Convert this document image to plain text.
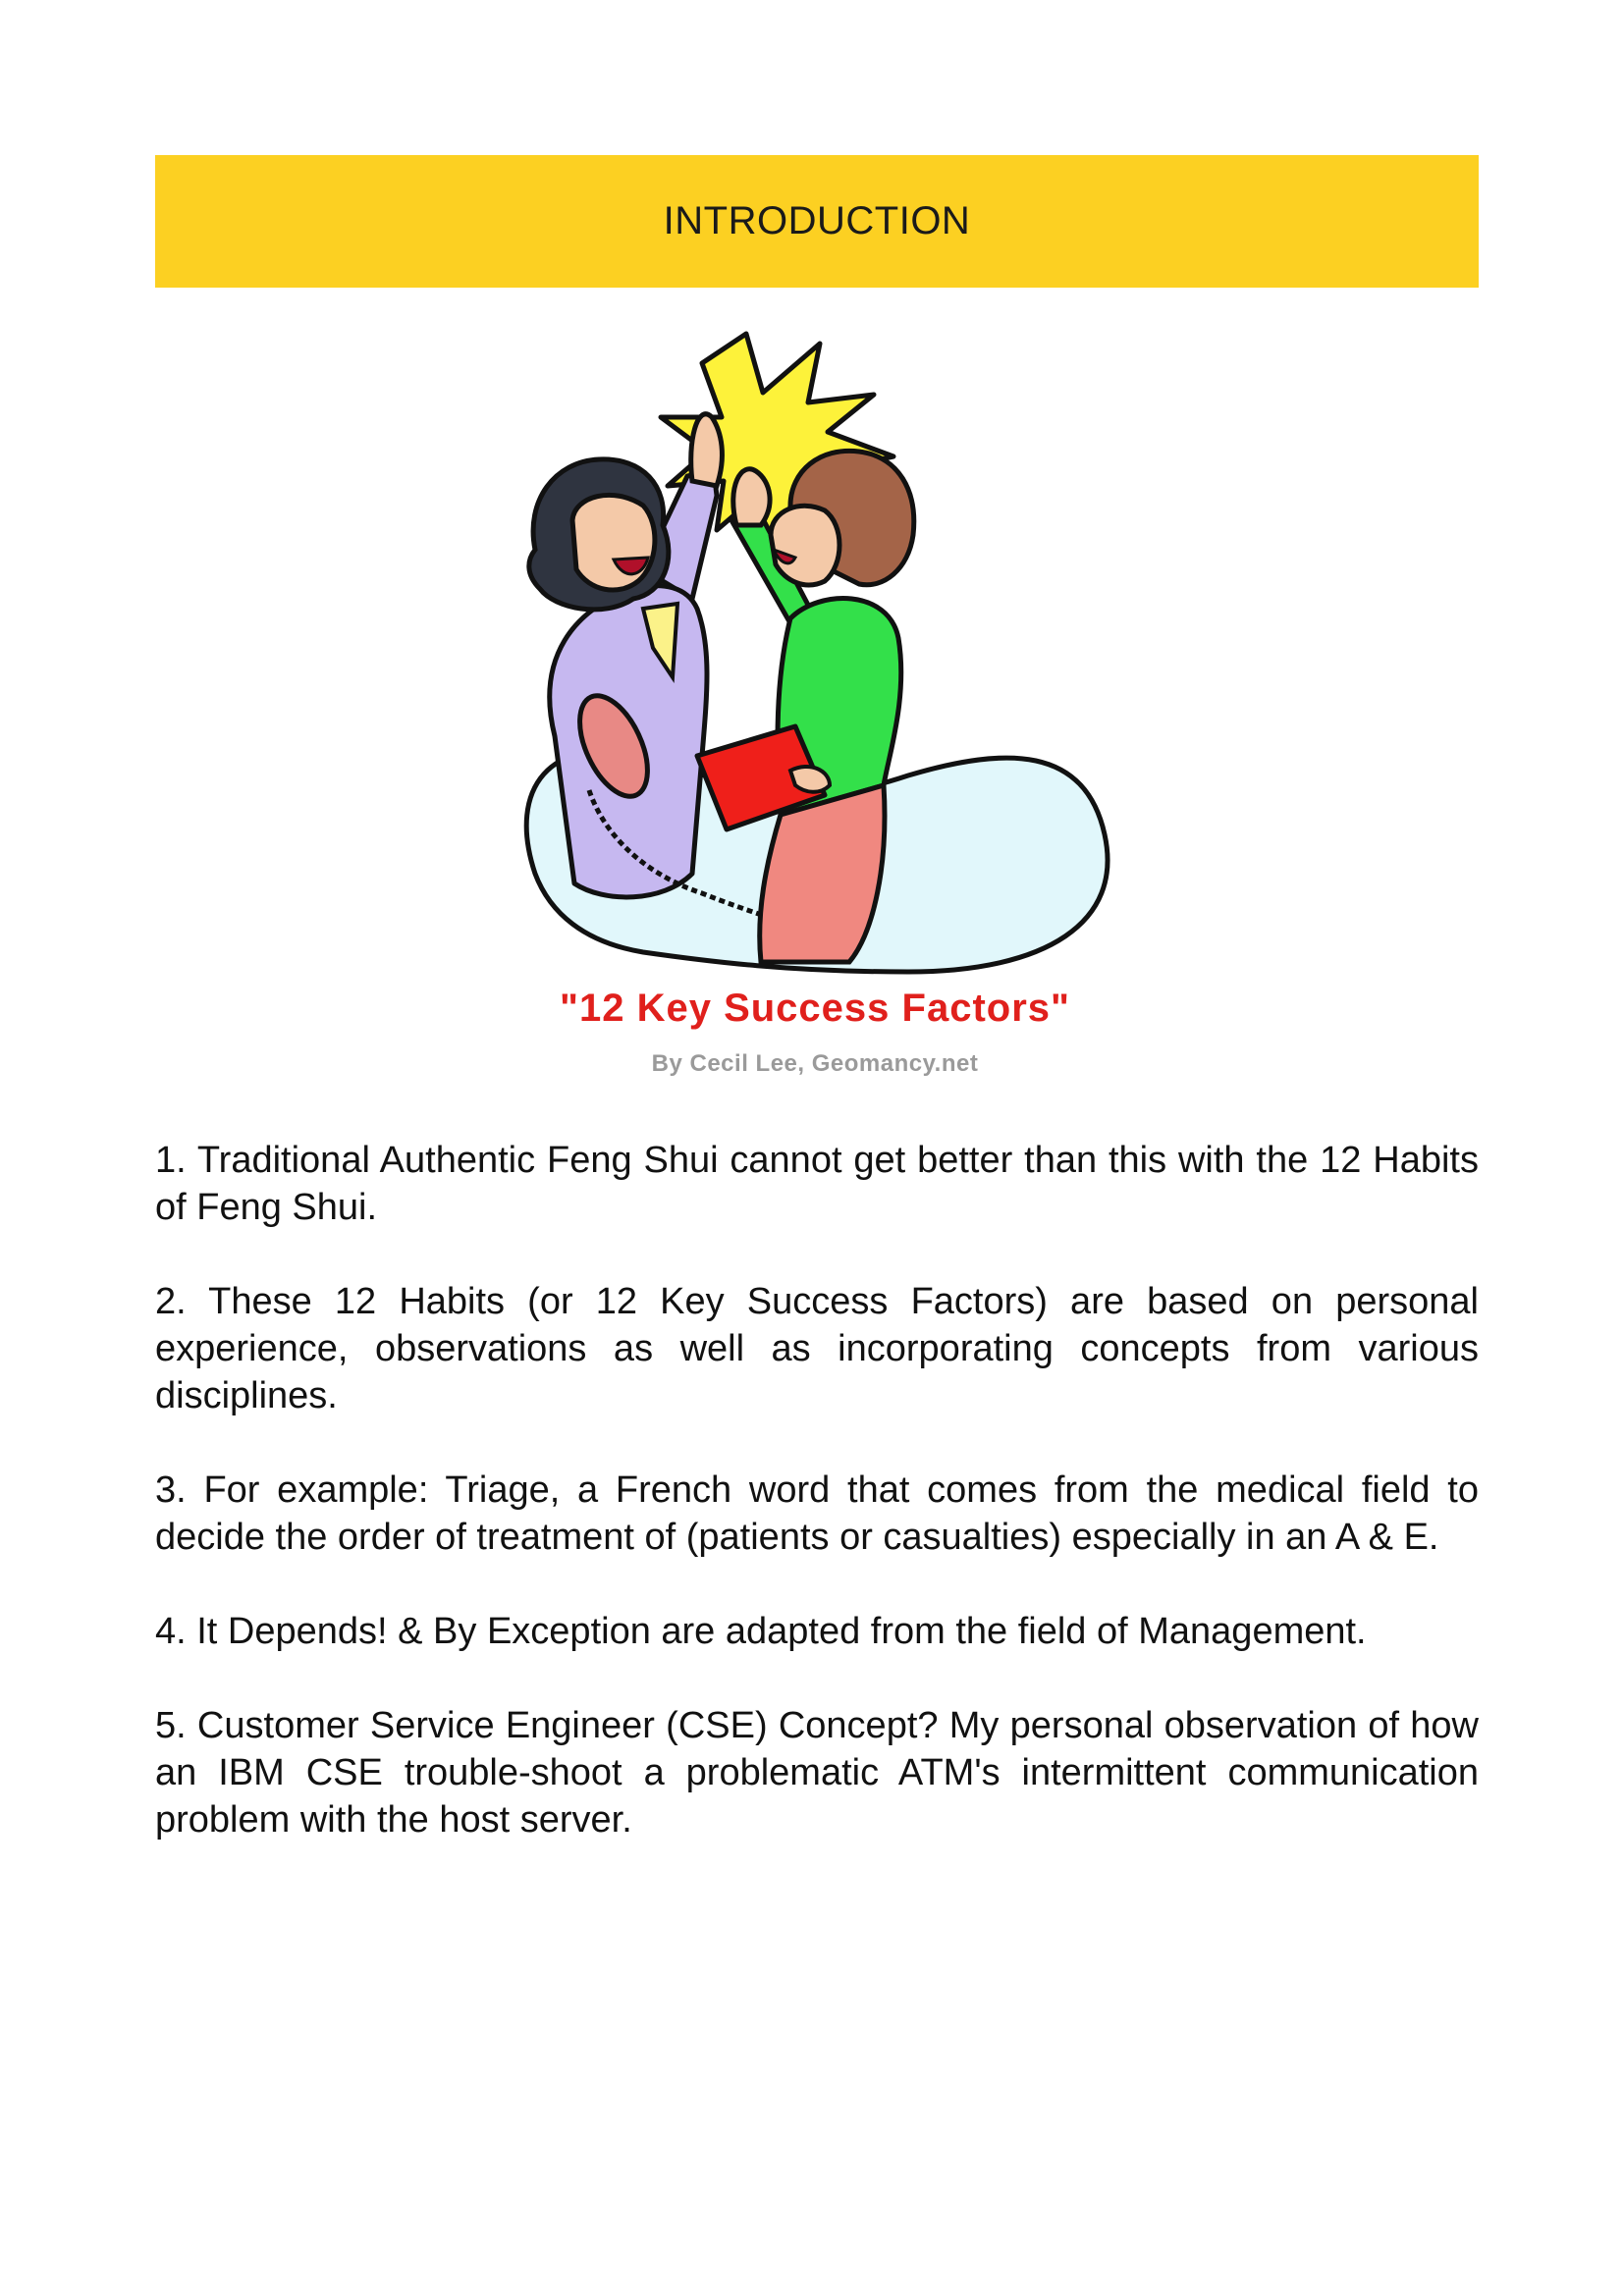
INTRODUCTION
"12 Key Success Factors"
By Cecil Lee, Geomancy.net

1. Traditional Authentic Feng Shui cannot get better than this with the 12 Habits of Feng Shui.

2. These 12 Habits (or 12 Key Success Factors) are based on personal experience, observations as well as incorporating concepts from various disciplines.

3. For example: Triage, a French word that comes from the medical field to decide the order of treatment of (patients or casualties) especially in an A & E.

4. It Depends! & By Exception are adapted from the field of Management.

5. Customer Service Engineer (CSE) Concept? My personal observation of how an IBM CSE trouble-shoot a problematic ATM's intermittent communication problem with the host server.
